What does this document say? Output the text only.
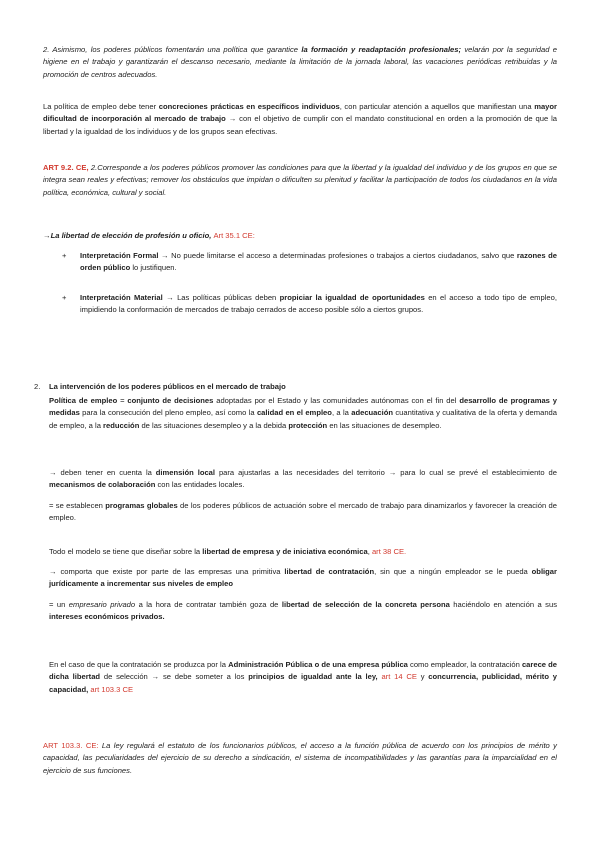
2. Asimismo, los poderes públicos fomentarán una política que garantice la formación y readaptación profesionales; velarán por la seguridad e higiene en el trabajo y garantizarán el descanso necesario, mediante la limitación de la jornada laboral, las vacaciones periódicas retribuidas y la promoción de centros adecuados.

La política de empleo debe tener concreciones prácticas en específicos individuos, con particular atención a aquellos que manifiestan una mayor dificultad de incorporación al mercado de trabajo → con el objetivo de cumplir con el mandato constitucional en orden a la promoción de que la libertad y la igualdad de los individuos y de los grupos sean efectivas.

ART 9.2. CE, 2.Corresponde a los poderes públicos promover las condiciones para que la libertad y la igualdad del individuo y de los grupos en que se integra sean reales y efectivas; remover los obstáculos que impidan o dificulten su plenitud y facilitar la participación de todos los ciudadanos en la vida política, económica, cultural y social.

→La libertad de elección de profesión u oficio, Art 35.1 CE:

+ Interpretación Formal → No puede limitarse el acceso a determinadas profesiones o trabajos a ciertos ciudadanos, salvo que razones de orden público lo justifiquen.

+ Interpretación Material → Las políticas públicas deben propiciar la igualdad de oportunidades en el acceso a todo tipo de empleo, impidiendo la conformación de mercados de trabajo cerrados de acceso posible sólo a ciertos grupos.

2. La intervención de los poderes públicos en el mercado de trabajo

Política de empleo = conjunto de decisiones adoptadas por el Estado y las comunidades autónomas con el fin del desarrollo de programas y medidas para la consecución del pleno empleo, así como la calidad en el empleo, a la adecuación cuantitativa y cualitativa de la oferta y demanda de empleo, a la reducción de las situaciones desempleo y a la debida protección en las situaciones de desempleo.

→ deben tener en cuenta la dimensión local para ajustarlas a las necesidades del territorio → para lo cual se prevé el establecimiento de mecanismos de colaboración con las entidades locales.

= se establecen programas globales de los poderes públicos de actuación sobre el mercado de trabajo para dinamizarlos y favorecer la creación de empleo.

Todo el modelo se tiene que diseñar sobre la libertad de empresa y de iniciativa económica, art 38 CE.

→ comporta que existe por parte de las empresas una primitiva libertad de contratación, sin que a ningún empleador se le pueda obligar jurídicamente a incrementar sus niveles de empleo

= un empresario privado a la hora de contratar también goza de libertad de selección de la concreta persona haciéndolo en atención a sus intereses económicos privados.

En el caso de que la contratación se produzca por la Administración Pública o de una empresa pública como empleador, la contratación carece de dicha libertad de selección → se debe someter a los principios de igualdad ante la ley, art 14 CE y concurrencia, publicidad, mérito y capacidad, art 103.3 CE

ART 103.3. CE: La ley regulará el estatuto de los funcionarios públicos, el acceso a la función pública de acuerdo con los principios de mérito y capacidad, las peculiaridades del ejercicio de su derecho a sindicación, el sistema de incompatibilidades y las garantías para la imparcialidad en el ejercicio de sus funciones.
